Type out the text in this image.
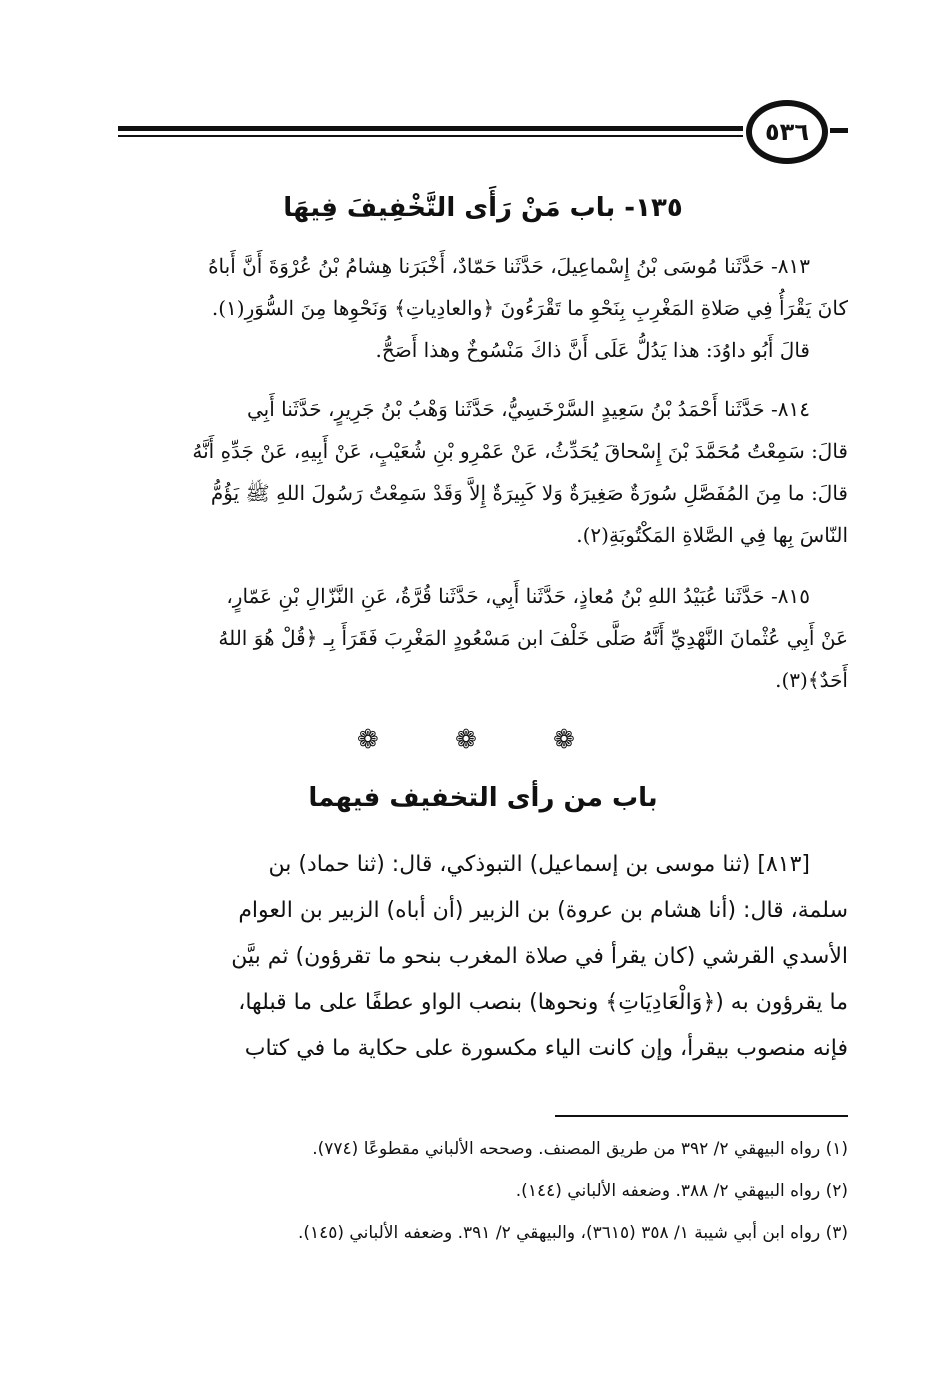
٥٣٦
١٣٥- باب مَنْ رَأَى التَّخْفِيفَ فِيهَا
٨١٣- حَدَّثَنا مُوسَى بْنُ إِسْماعِيلَ، حَدَّثَنا حَمّادٌ، أَخْبَرَنا هِشامُ بْنُ عُرْوَةَ أَنَّ أَباهُ
كانَ يَقْرَأُ فِي صَلاةِ المَغْرِبِ بِنَحْوِ ما تَقْرَءُونَ ﴿والعادِياتِ﴾ وَنَحْوِها مِنَ السُّوَرِ(١).
قالَ أَبُو داوُدَ: هذا يَدُلُّ عَلَى أَنَّ ذاكَ مَنْسُوخٌ وهذا أَصَحُّ.
٨١٤- حَدَّثَنا أَحْمَدُ بْنُ سَعِيدٍ السَّرْخَسِيُّ، حَدَّثَنا وَهْبُ بْنُ جَرِيرٍ، حَدَّثَنا أَبِي
قالَ: سَمِعْتُ مُحَمَّدَ بْنَ إِسْحاقَ يُحَدِّثُ، عَنْ عَمْرِو بْنِ شُعَيْبٍ، عَنْ أَبِيهِ، عَنْ جَدِّهِ أَنَّهُ
قالَ: ما مِنَ المُفَصَّلِ سُورَةٌ صَغِيرَةٌ وَلا كَبِيرَةٌ إِلاَّ وَقَدْ سَمِعْتُ رَسُولَ اللهِ ﷺ يَؤُمُّ
النّاسَ بِها فِي الصَّلاةِ المَكْتُوبَةِ(٢).
٨١٥- حَدَّثَنا عُبَيْدُ اللهِ بْنُ مُعاذٍ، حَدَّثَنا أَبِي، حَدَّثَنا قُرَّةُ، عَنِ النَّزّالِ بْنِ عَمّارٍ،
عَنْ أَبِي عُثْمانَ النَّهْدِيِّ أَنَّهُ صَلَّى خَلْفَ ابن مَسْعُودٍ المَغْرِبَ فَقَرَأَ بِـ ﴿قُلْ هُوَ اللهُ
أَحَدٌ﴾(٣).
❁ ❁ ❁
باب من رأى التخفيف فيهما
[٨١٣] (ثنا موسى بن إسماعيل) التبوذكي، قال: (ثنا حماد) بن
سلمة، قال: (أنا هشام بن عروة) بن الزبير (أن أباه) الزبير بن العوام
الأسدي القرشي (كان يقرأ في صلاة المغرب بنحو ما تقرؤون) ثم بيَّن
ما يقرؤون به (﴿وَالْعَادِيَاتِ﴾ ونحوها) بنصب الواو عطفًا على ما قبلها،
فإنه منصوب بيقرأ، وإن كانت الياء مكسورة على حكاية ما في كتاب
(١) رواه البيهقي ٢/ ٣٩٢ من طريق المصنف. وصححه الألباني مقطوعًا (٧٧٤).
(٢) رواه البيهقي ٢/ ٣٨٨. وضعفه الألباني (١٤٤).
(٣) رواه ابن أبي شيبة ١/ ٣٥٨ (٣٦١٥)، والبيهقي ٢/ ٣٩١. وضعفه الألباني (١٤٥).
